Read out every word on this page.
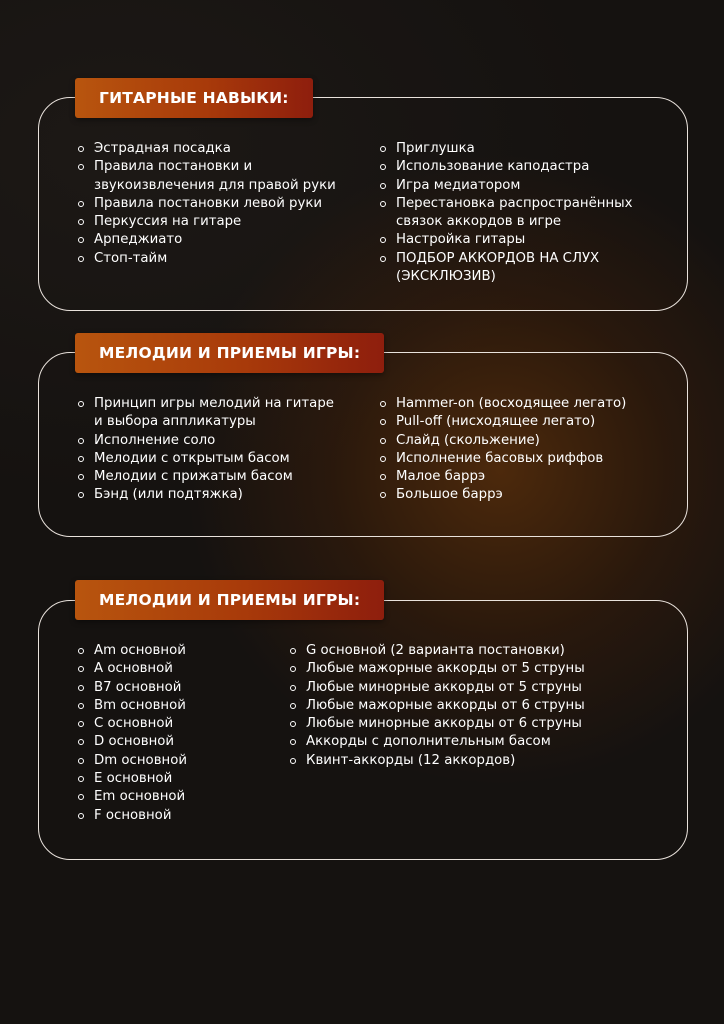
ГИТАРНЫЕ НАВЫКИ:
Эстрадная посадка
Правила постановки и
звукоизвлечения для правой руки
Правила постановки левой руки
Перкуссия на гитаре
Арпеджиато
Стоп-тайм
Приглушка
Использование каподастра
Игра медиатором
Перестановка распространённых
связок аккордов в игре
Настройка гитары
ПОДБОР АККОРДОВ НА СЛУХ
(ЭКСКЛЮЗИВ)
МЕЛОДИИ И ПРИЕМЫ ИГРЫ:
Принцип игры мелодий на гитаре
и выбора аппликатуры
Исполнение соло
Мелодии с открытым басом
Мелодии с прижатым басом
Бэнд (или подтяжка)
Hammer-on (восходящее легато)
Pull-off (нисходящее легато)
Слайд (скольжение)
Исполнение басовых риффов
Малое баррэ
Большое баррэ
МЕЛОДИИ И ПРИЕМЫ ИГРЫ:
Am основной
A основной
B7 основной
Bm основной
C основной
D основной
Dm основной
E основной
Em основной
F основной
G основной (2 варианта постановки)
Любые мажорные аккорды от 5 струны
Любые минорные аккорды от 5 струны
Любые мажорные аккорды от 6 струны
Любые минорные аккорды от 6 струны
Аккорды с дополнительным басом
Квинт-аккорды (12 аккордов)
